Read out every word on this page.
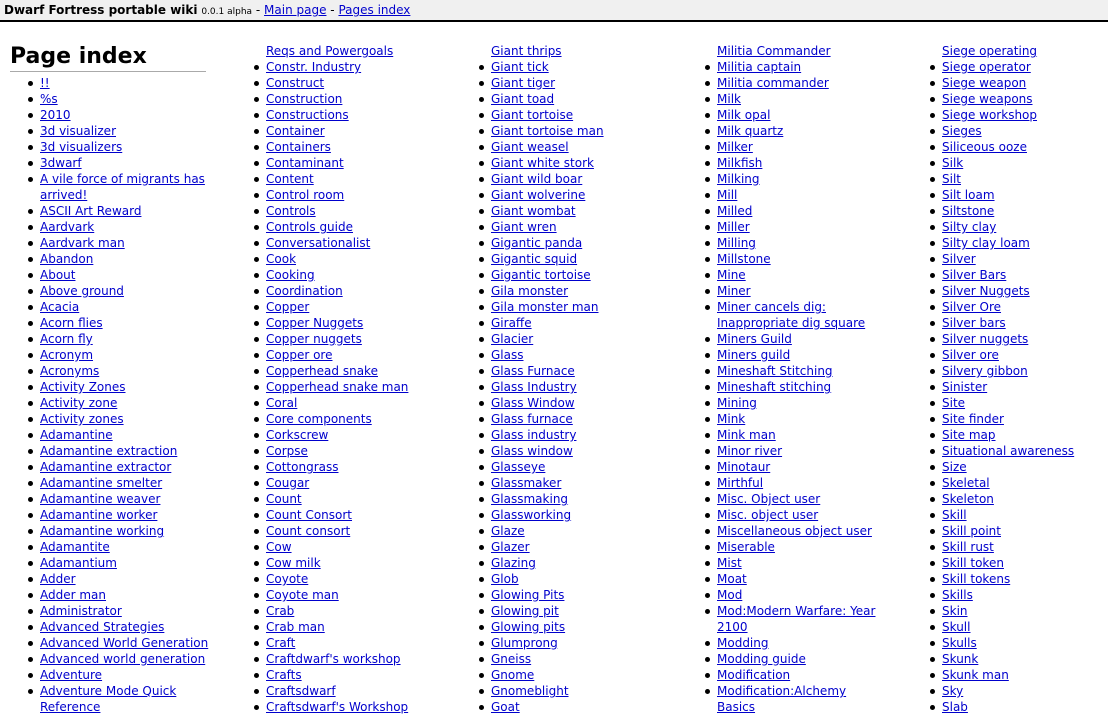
Dwarf Fortress portable wiki 0.0.1 alpha - Main page - Pages index
Page index
!!
%s
2010
3d visualizer
3d visualizers
3dwarf
A vile force of migrants has
arrived!
ASCII Art Reward
Aardvark
Aardvark man
Abandon
About
Above ground
Acacia
Acorn flies
Acorn fly
Acronym
Acronyms
Activity Zones
Activity zone
Activity zones
Adamantine
Adamantine extraction
Adamantine extractor
Adamantine smelter
Adamantine weaver
Adamantine worker
Adamantine working
Adamantite
Adamantium
Adder
Adder man
Administrator
Advanced Strategies
Advanced World Generation
Advanced world generation
Adventure
Adventure Mode Quick
Reference
Reqs and Powergoals
Constr. Industry
Construct
Construction
Constructions
Container
Containers
Contaminant
Content
Control room
Controls
Controls guide
Conversationalist
Cook
Cooking
Coordination
Copper
Copper Nuggets
Copper nuggets
Copper ore
Copperhead snake
Copperhead snake man
Coral
Core components
Corkscrew
Corpse
Cottongrass
Cougar
Count
Count Consort
Count consort
Cow
Cow milk
Coyote
Coyote man
Crab
Crab man
Craft
Craftdwarf's workshop
Crafts
Craftsdwarf
Craftsdwarf's Workshop
Giant thrips
Giant tick
Giant tiger
Giant toad
Giant tortoise
Giant tortoise man
Giant weasel
Giant white stork
Giant wild boar
Giant wolverine
Giant wombat
Giant wren
Gigantic panda
Gigantic squid
Gigantic tortoise
Gila monster
Gila monster man
Giraffe
Glacier
Glass
Glass Furnace
Glass Industry
Glass Window
Glass furnace
Glass industry
Glass window
Glasseye
Glassmaker
Glassmaking
Glassworking
Glaze
Glazer
Glazing
Glob
Glowing Pits
Glowing pit
Glowing pits
Glumprong
Gneiss
Gnome
Gnomeblight
Goat
Militia Commander
Militia captain
Militia commander
Milk
Milk opal
Milk quartz
Milker
Milkfish
Milking
Mill
Milled
Miller
Milling
Millstone
Mine
Miner
Miner cancels dig:
Inappropriate dig square
Miners Guild
Miners guild
Mineshaft Stitching
Mineshaft stitching
Mining
Mink
Mink man
Minor river
Minotaur
Mirthful
Misc. Object user
Misc. object user
Miscellaneous object user
Miserable
Mist
Moat
Mod
Mod:Modern Warfare: Year
2100
Modding
Modding guide
Modification
Modification:Alchemy
Basics
Siege operating
Siege operator
Siege weapon
Siege weapons
Siege workshop
Sieges
Siliceous ooze
Silk
Silt
Silt loam
Siltstone
Silty clay
Silty clay loam
Silver
Silver Bars
Silver Nuggets
Silver Ore
Silver bars
Silver nuggets
Silver ore
Silvery gibbon
Sinister
Site
Site finder
Site map
Situational awareness
Size
Skeletal
Skeleton
Skill
Skill point
Skill rust
Skill token
Skill tokens
Skills
Skin
Skull
Skulls
Skunk
Skunk man
Sky
Slab
